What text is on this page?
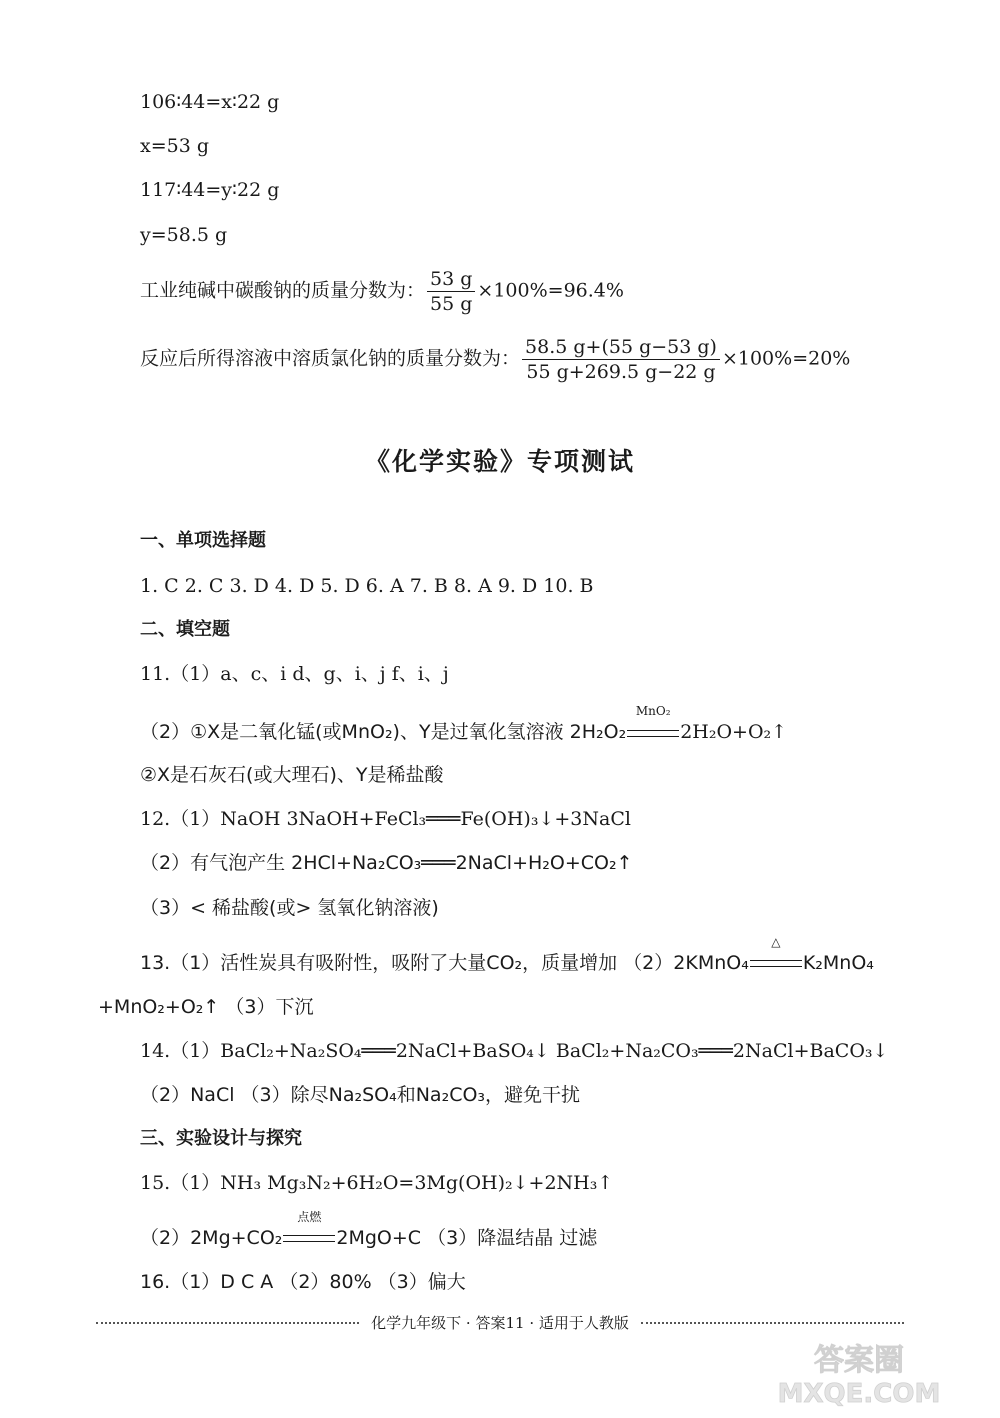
106∶44=x∶22 g
x=53 g
117∶44=y∶22 g
y=58.5 g
工业纯碱中碳酸钠的质量分数为： $\frac{53 g}{55 g} \times 100\%=96.4\%$
反应后所得溶液中溶质氯化钠的质量分数为： $\frac{58.5 g+(55 g-53 g)}{55 g+269.5 g-22 g} \times 100\%=20\%$
《化学实验》专项测试
一、单项选择题
1. C 2. C 3. D 4. D 5. D 6. A 7. B 8. A 9. D 10. B
二、填空题
11.（1）a、c、i d、g、i、j f、i、j
（2）①X是二氧化锰(或MnO₂)、Y是过氧化氢溶液 2H₂O₂
MnO₂
2H₂O+O₂↑
②X是石灰石(或大理石)、Y是稀盐酸
12.（1）NaOH 3NaOH+FeCl₃═══Fe(OH)₃↓+3NaCl
（2）有气泡产生 2HCl+Na₂CO₃═══2NaCl+H₂O+CO₂↑
（3）< 稀盐酸(或> 氢氧化钠溶液)
13.（1）活性炭具有吸附性，吸附了大量CO₂，质量增加 （2）2KMnO₄
△
K₂MnO₄
+MnO₂+O₂↑ （3）下沉
14.（1）BaCl₂+Na₂SO₄═══2NaCl+BaSO₄↓ BaCl₂+Na₂CO₃═══2NaCl+BaCO₃↓
（2）NaCl （3）除尽Na₂SO₄和Na₂CO₃，避免干扰
三、实验设计与探究
15.（1）NH₃ Mg₃N₂+6H₂O=3Mg(OH)₂↓+2NH₃↑
（2）2Mg+CO₂
点燃
2MgO+C （3）降温结晶 过滤
16.（1）D C A （2）80% （3）偏大
化学九年级下 · 答案11 · 适用于人教版
答案圈
MXQE.COM
